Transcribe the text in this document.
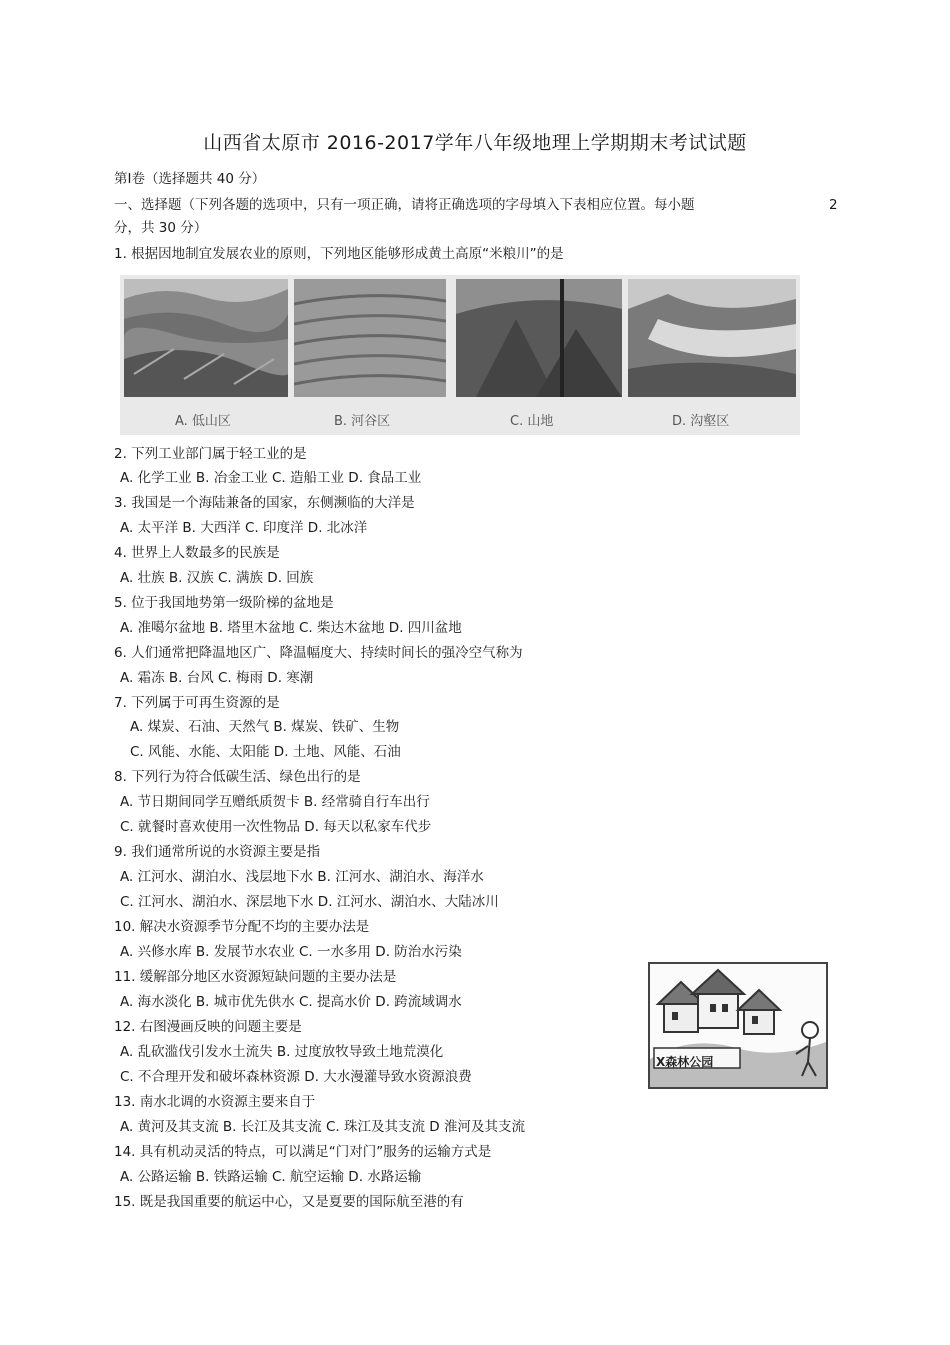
山西省太原市 2016-2017学年八年级地理上学期期末考试试题
第Ⅰ卷（选择题共 40 分）
一、选择题（下列各题的选项中，只有一项正确，请将正确选项的字母填入下表相应位置。每小题	2
分，共 30 分）
1. 根据因地制宜发展农业的原则，下列地区能够形成黄土高原“米粮川”的是
A. 低山区	B. 河谷区	C. 山地	D. 沟壑区
2. 下列工业部门属于轻工业的是
A. 化学工业 B. 冶金工业 C. 造船工业 D. 食品工业
3. 我国是一个海陆兼备的国家，东侧濒临的大洋是
A. 太平洋 B. 大西洋 C. 印度洋 D. 北冰洋
4. 世界上人数最多的民族是
A. 壮族 B. 汉族 C. 满族 D. 回族
5. 位于我国地势第一级阶梯的盆地是
A. 准噶尔盆地 B. 塔里木盆地 C. 柴达木盆地 D. 四川盆地
6. 人们通常把降温地区广、降温幅度大、持续时间长的强冷空气称为
A. 霜冻 B. 台风 C. 梅雨 D. 寒潮
7. 下列属于可再生资源的是
A. 煤炭、石油、天然气 B. 煤炭、铁矿、生物
C. 风能、水能、太阳能 D. 土地、风能、石油
8. 下列行为符合低碳生活、绿色出行的是
A. 节日期间同学互赠纸质贺卡 B. 经常骑自行车出行
C. 就餐时喜欢使用一次性物品 D. 每天以私家车代步
9. 我们通常所说的水资源主要是指
A. 江河水、湖泊水、浅层地下水 B. 江河水、湖泊水、海洋水
C. 江河水、湖泊水、深层地下水 D. 江河水、湖泊水、大陆冰川
10. 解决水资源季节分配不均的主要办法是
A. 兴修水库 B. 发展节水农业 C. 一水多用 D. 防治水污染
11. 缓解部分地区水资源短缺问题的主要办法是
A. 海水淡化 B. 城市优先供水 C. 提高水价 D. 跨流域调水
12. 右图漫画反映的问题主要是
A. 乱砍滥伐引发水土流失 B. 过度放牧导致土地荒漠化
C. 不合理开发和破坏森林资源 D. 大水漫灌导致水资源浪费
13. 南水北调的水资源主要来自于
A. 黄河及其支流 B. 长江及其支流 C. 珠江及其支流 D 淮河及其支流
14. 具有机动灵活的特点，可以满足“门对门”服务的运输方式是
A. 公路运输 B. 铁路运输 C. 航空运输 D. 水路运输
15. 既是我国重要的航运中心，又是夏要的国际航至港的有
X森林公园
